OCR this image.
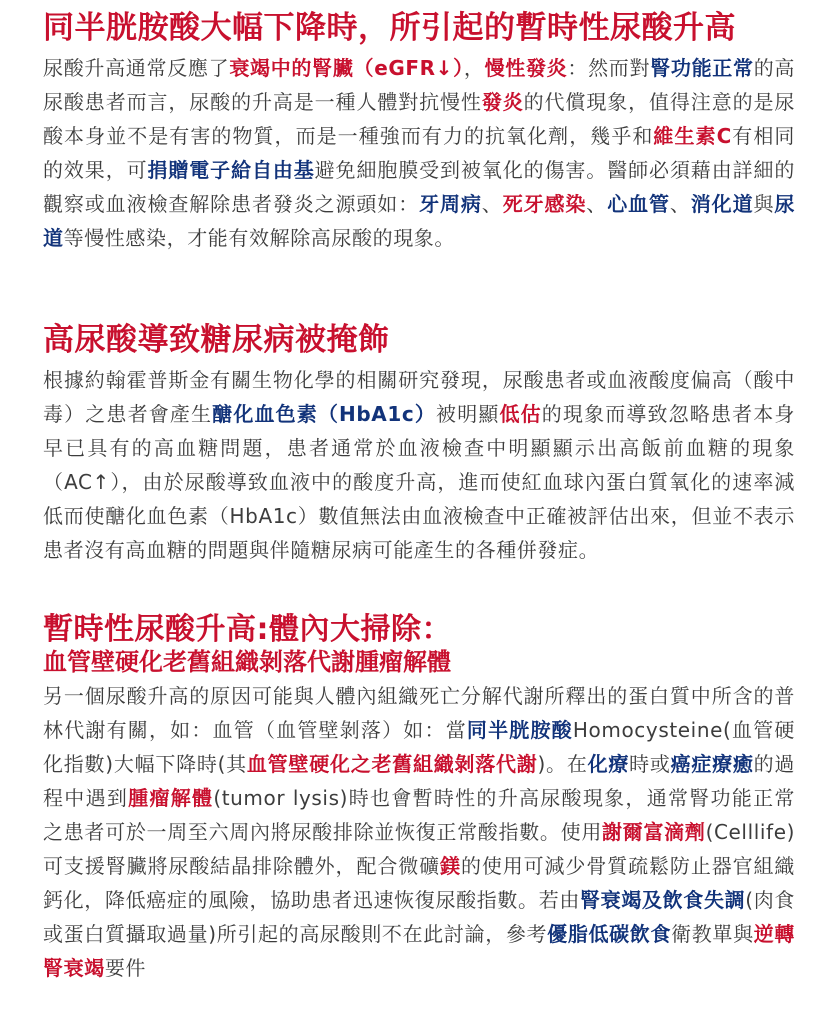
同半胱胺酸大幅下降時，所引起的暫時性尿酸升高

尿酸升高通常反應了衰竭中的腎臟（eGFR↓），慢性發炎：然而對腎功能正常的高尿酸患者而言，尿酸的升高是一種人體對抗慢性發炎的代償現象，值得注意的是尿酸本身並不是有害的物質，而是一種強而有力的抗氧化劑，幾乎和維生素C有相同的效果，可捐贈電子給自由基避免細胞膜受到被氧化的傷害。醫師必須藉由詳細的觀察或血液檢查解除患者發炎之源頭如：牙周病、死牙感染、心血管、消化道與尿道等慢性感染，才能有效解除高尿酸的現象。

高尿酸導致糖尿病被掩飾

根據約翰霍普斯金有關生物化學的相關研究發現，尿酸患者或血液酸度偏高（酸中毒）之患者會產生醣化血色素（HbA1c）被明顯低估的現象而導致忽略患者本身早已具有的高血糖問題，患者通常於血液檢查中明顯顯示出高飯前血糖的現象（AC↑），由於尿酸導致血液中的酸度升高，進而使紅血球內蛋白質氧化的速率減低而使醣化血色素（HbA1c）數值無法由血液檢查中正確被評估出來，但並不表示患者沒有高血糖的問題與伴隨糖尿病可能產生的各種併發症。

暫時性尿酸升高:體內大掃除：
血管壁硬化老舊組織剝落代謝腫瘤解體

另一個尿酸升高的原因可能與人體內組織死亡分解代謝所釋出的蛋白質中所含的普林代謝有關，如：血管（血管壁剝落）如：當同半胱胺酸Homocysteine(血管硬化指數)大幅下降時(其血管壁硬化之老舊組織剝落代謝)。在化療時或癌症療癒的過程中遇到腫瘤解體(tumor lysis)時也會暫時性的升高尿酸現象，通常腎功能正常之患者可於一周至六周內將尿酸排除並恢復正常酸指數。使用謝爾富滴劑(Celllife)可支援腎臟將尿酸結晶排除體外，配合微礦鎂的使用可減少骨質疏鬆防止器官組織鈣化，降低癌症的風險，協助患者迅速恢復尿酸指數。若由腎衰竭及飲食失調(肉食或蛋白質攝取過量)所引起的高尿酸則不在此討論，參考優脂低碳飲食衛教單與逆轉腎衰竭要件
